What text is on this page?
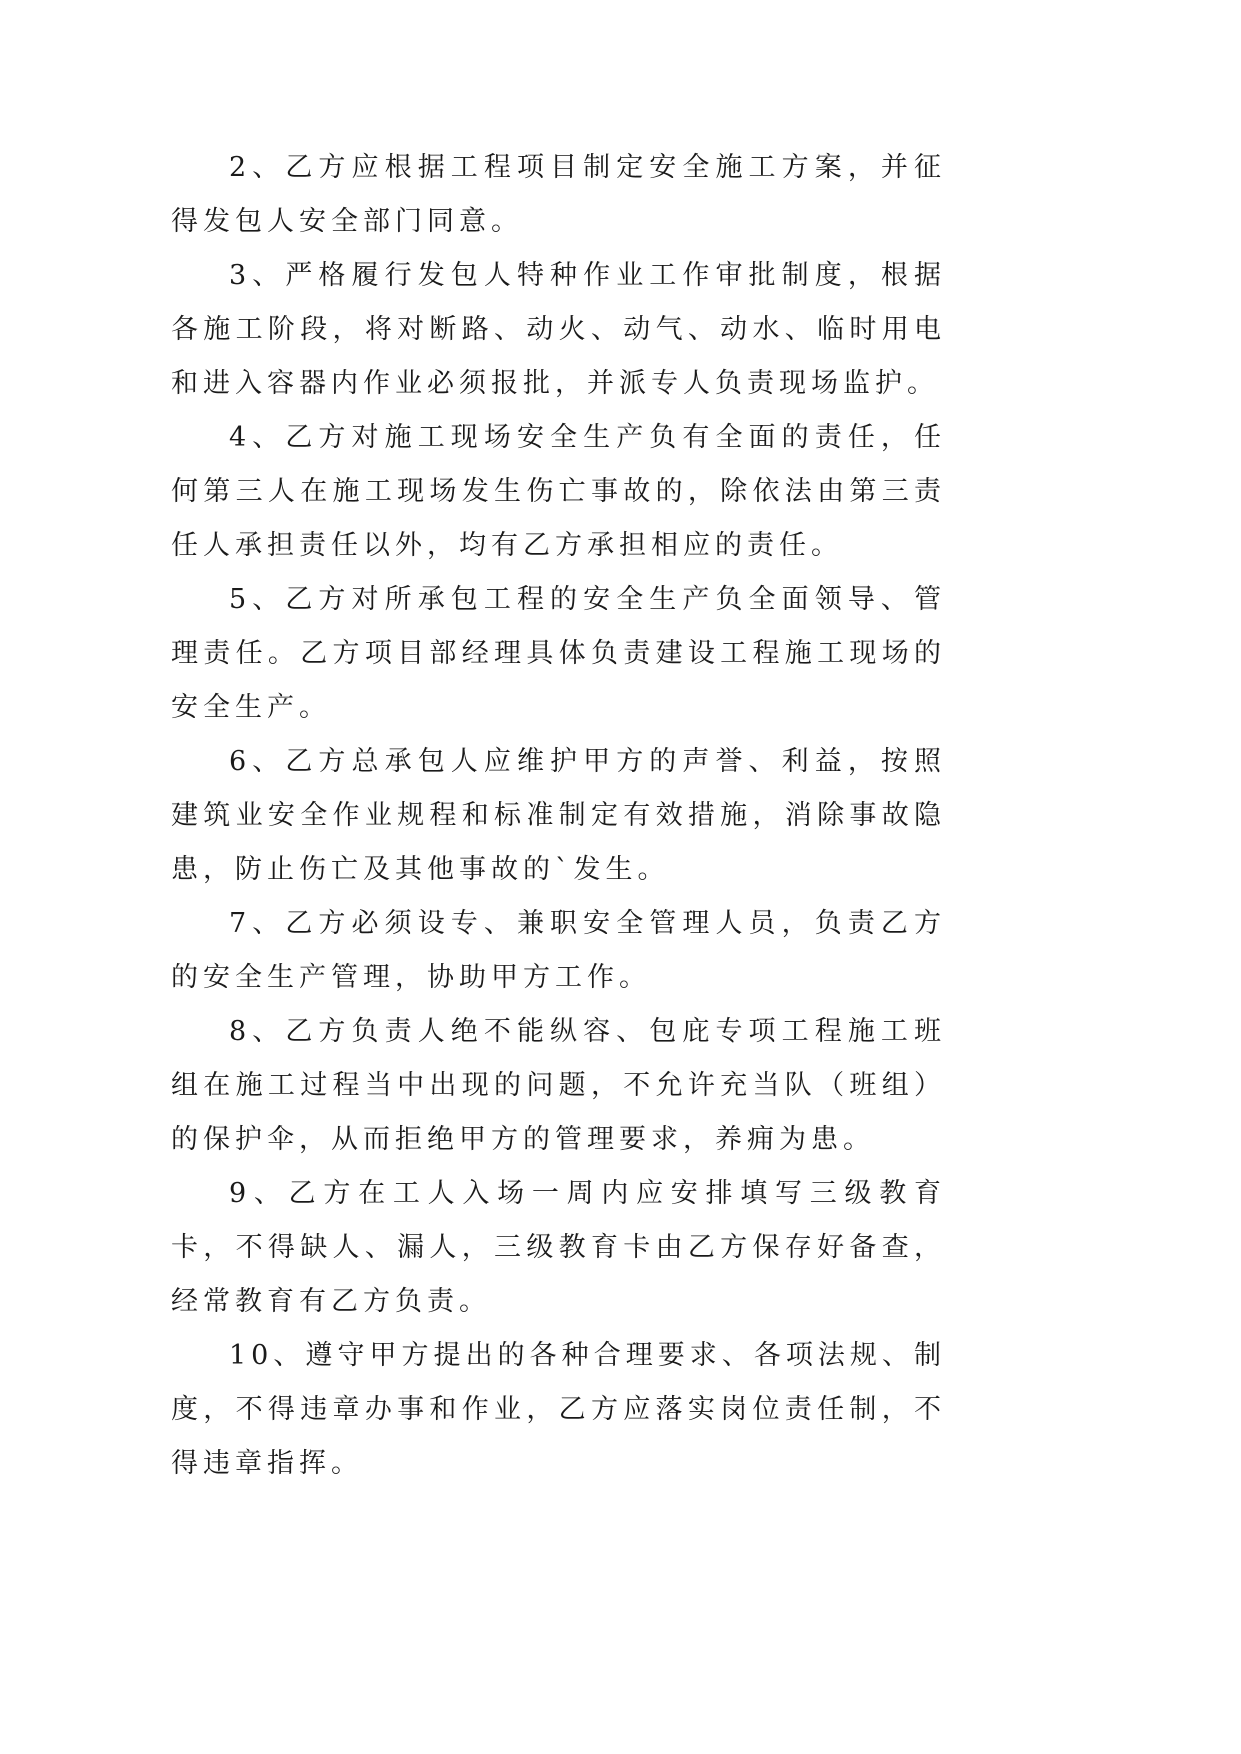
2、乙方应根据工程项目制定安全施工方案，并征得发包人安全部门同意。

3、严格履行发包人特种作业工作审批制度，根据各施工阶段，将对断路、动火、动气、动水、临时用电和进入容器内作业必须报批，并派专人负责现场监护。

4、乙方对施工现场安全生产负有全面的责任，任何第三人在施工现场发生伤亡事故的，除依法由第三责任人承担责任以外，均有乙方承担相应的责任。

5、乙方对所承包工程的安全生产负全面领导、管理责任。乙方项目部经理具体负责建设工程施工现场的安全生产。

6、乙方总承包人应维护甲方的声誉、利益，按照建筑业安全作业规程和标准制定有效措施，消除事故隐患，防止伤亡及其他事故的`发生。

7、乙方必须设专、兼职安全管理人员，负责乙方的安全生产管理，协助甲方工作。

8、乙方负责人绝不能纵容、包庇专项工程施工班组在施工过程当中出现的问题，不允许充当队（班组）的保护伞，从而拒绝甲方的管理要求，养痈为患。

9、乙方在工人入场一周内应安排填写三级教育卡，不得缺人、漏人，三级教育卡由乙方保存好备查，经常教育有乙方负责。

10、遵守甲方提出的各种合理要求、各项法规、制度，不得违章办事和作业，乙方应落实岗位责任制，不得违章指挥。
